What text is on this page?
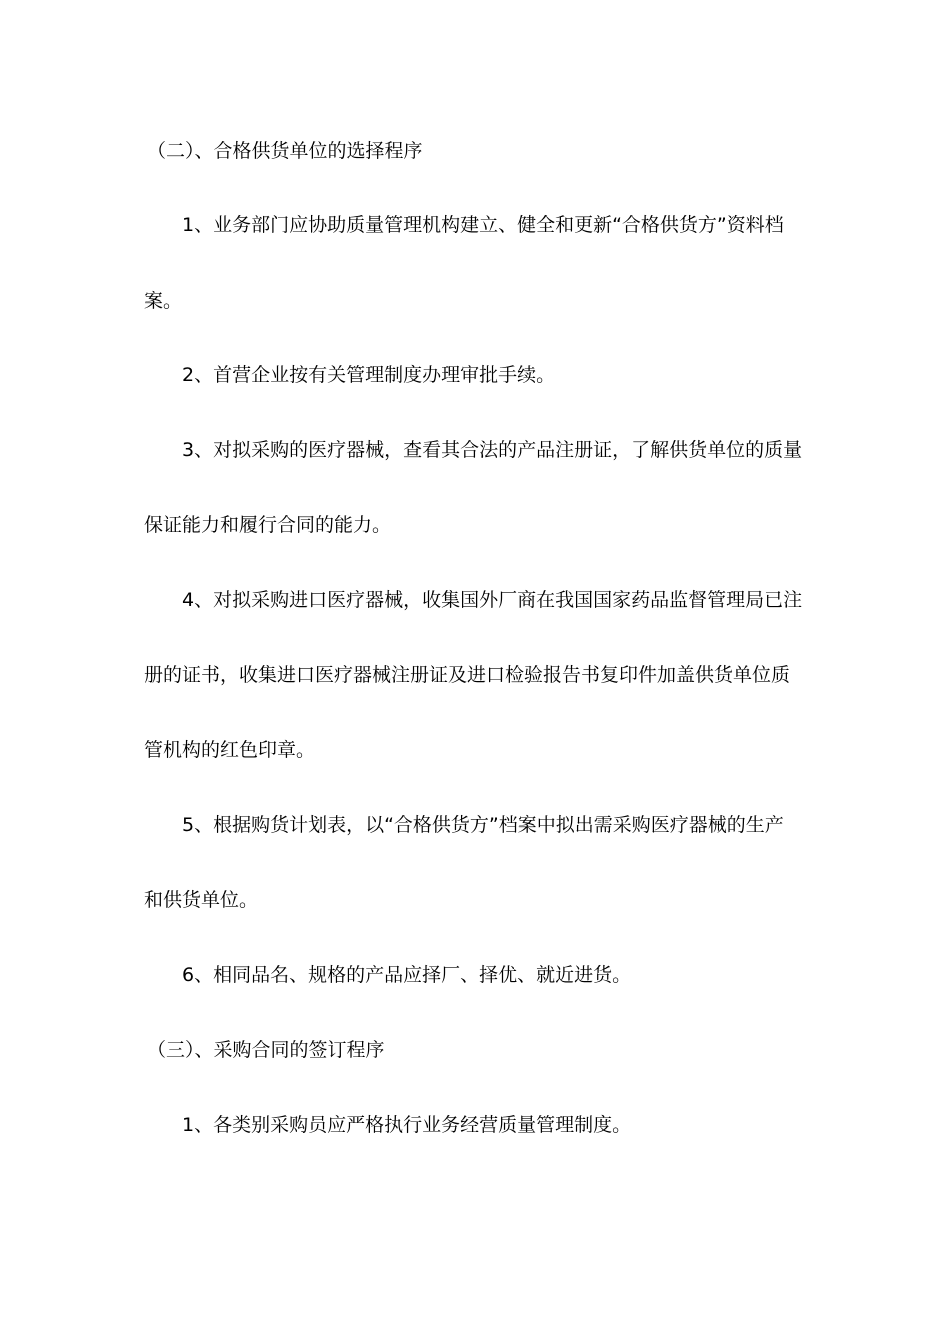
（二）、合格供货单位的选择程序
1、业务部门应协助质量管理机构建立、健全和更新“合格供货方”资料档
案。
2、首营企业按有关管理制度办理审批手续。
3、对拟采购的医疗器械，查看其合法的产品注册证，了解供货单位的质量
保证能力和履行合同的能力。
4、对拟采购进口医疗器械，收集国外厂商在我国国家药品监督管理局已注
册的证书，收集进口医疗器械注册证及进口检验报告书复印件加盖供货单位质
管机构的红色印章。
5、根据购货计划表，以“合格供货方”档案中拟出需采购医疗器械的生产
和供货单位。
6、相同品名、规格的产品应择厂、择优、就近进货。
（三）、采购合同的签订程序
1、各类别采购员应严格执行业务经营质量管理制度。
